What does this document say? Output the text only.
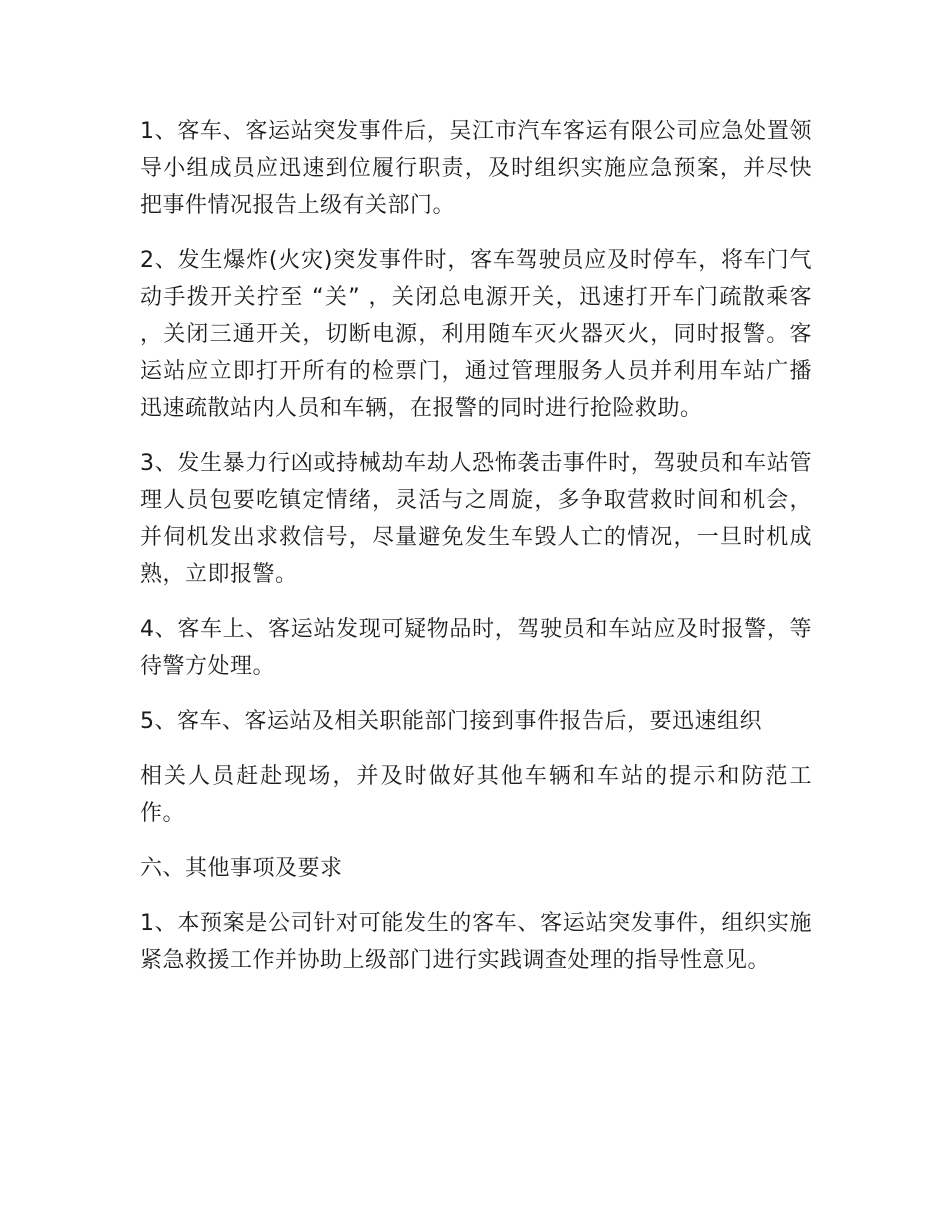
1、客车、客运站突发事件后，吴江市汽车客运有限公司应急处置领导小组成员应迅速到位履行职责，及时组织实施应急预案，并尽快把事件情况报告上级有关部门。

2、发生爆炸(火灾)突发事件时，客车驾驶员应及时停车，将车门气动手拨开关拧至 “关” ，关闭总电源开关，迅速打开车门疏散乘客 ，关闭三通开关，切断电源，利用随车灭火器灭火，同时报警。客运站应立即打开所有的检票门，通过管理服务人员并利用车站广播迅速疏散站内人员和车辆，在报警的同时进行抢险救助。

3、发生暴力行凶或持械劫车劫人恐怖袭击事件时，驾驶员和车站管理人员包要吃镇定情绪，灵活与之周旋，多争取营救时间和机会，并伺机发出求救信号，尽量避免发生车毁人亡的情况，一旦时机成熟，立即报警。

4、客车上、客运站发现可疑物品时，驾驶员和车站应及时报警，等待警方处理。

5、客车、客运站及相关职能部门接到事件报告后，要迅速组织

相关人员赶赴现场，并及时做好其他车辆和车站的提示和防范工作。

六、其他事项及要求

1、本预案是公司针对可能发生的客车、客运站突发事件，组织实施紧急救援工作并协助上级部门进行实践调查处理的指导性意见。
